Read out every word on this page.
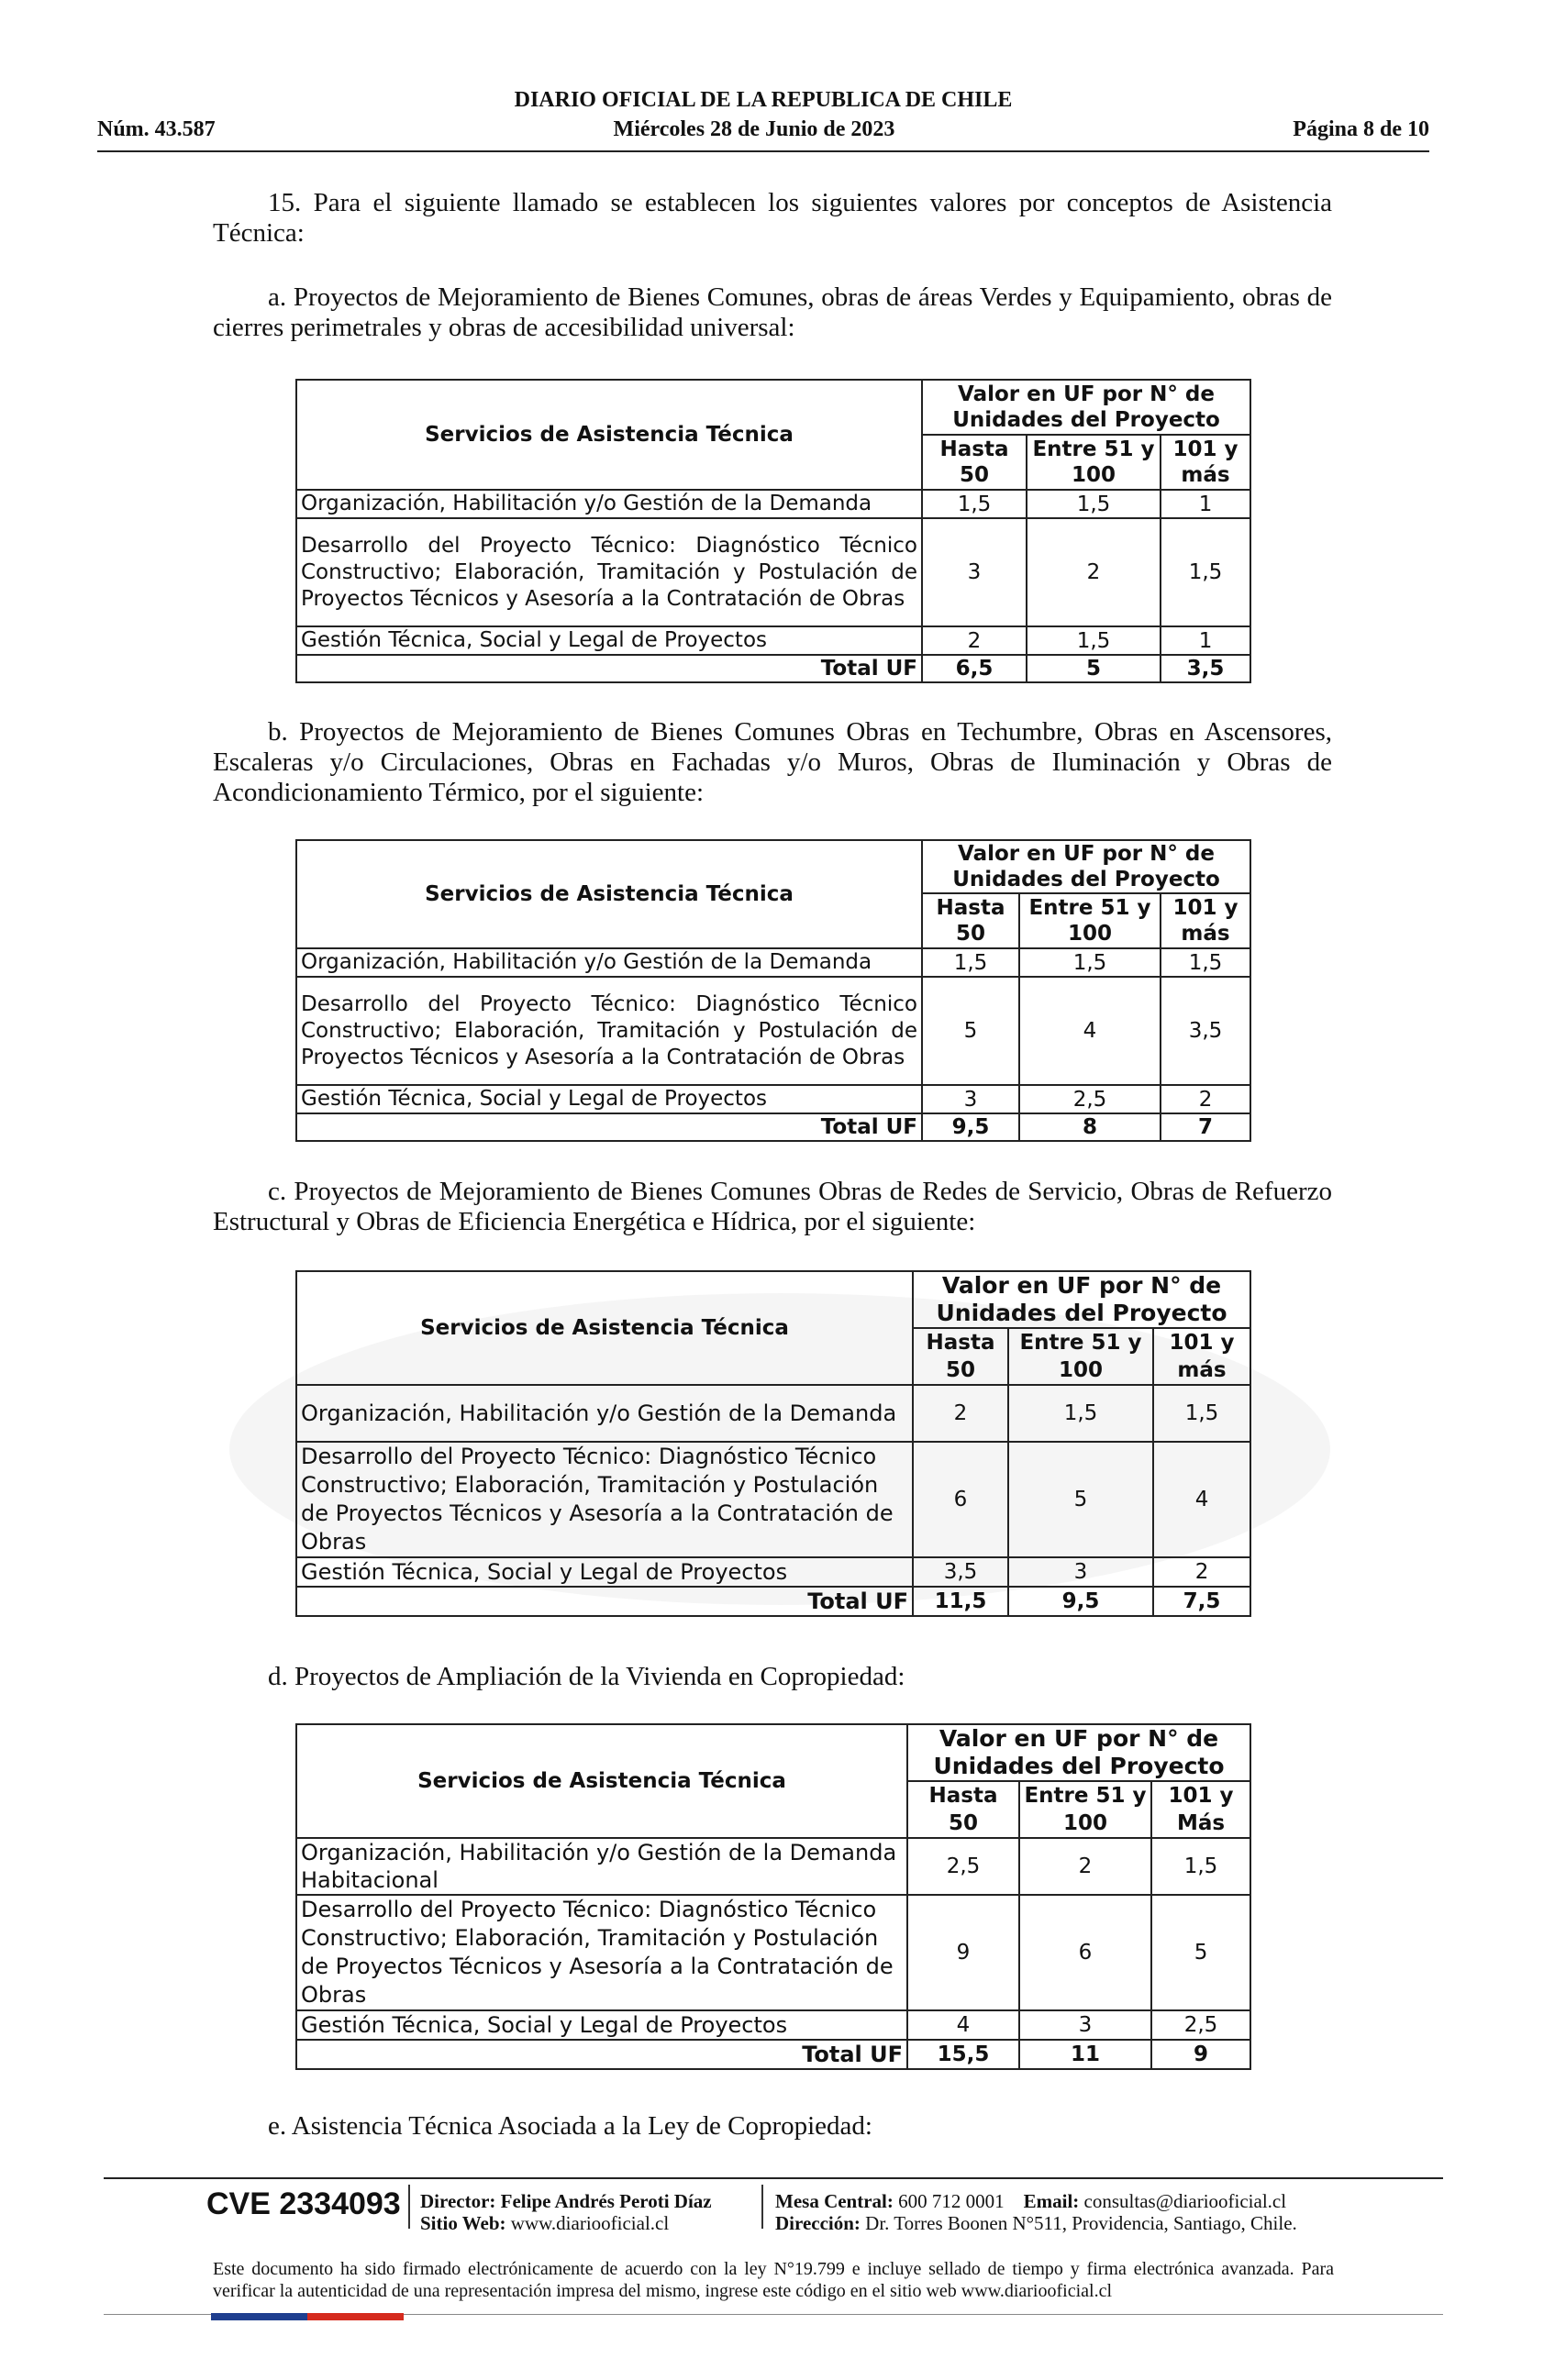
DIARIO OFICIAL DE LA REPUBLICA DE CHILE
Núm. 43.587	Miércoles 28 de Junio de 2023	Página 8 de 10

15. Para el siguiente llamado se establecen los siguientes valores por conceptos de Asistencia Técnica:

a. Proyectos de Mejoramiento de Bienes Comunes, obras de áreas Verdes y Equipamiento, obras de cierres perimetrales y obras de accesibilidad universal:

Servicios de Asistencia Técnica	Valor en UF por N° de Unidades del Proyecto		
	Hasta 50	Entre 51 y 100	101 y más
Organización, Habilitación y/o Gestión de la Demanda	1,5	1,5	1
Desarrollo del Proyecto Técnico: Diagnóstico Técnico Constructivo; Elaboración, Tramitación y Postulación de Proyectos Técnicos y Asesoría a la Contratación de Obras	3	2	1,5
Gestión Técnica, Social y Legal de Proyectos	2	1,5	1
Total UF	6,5	5	3,5

b. Proyectos de Mejoramiento de Bienes Comunes Obras en Techumbre, Obras en Ascensores, Escaleras y/o Circulaciones, Obras en Fachadas y/o Muros, Obras de Iluminación y Obras de Acondicionamiento Térmico, por el siguiente:

Servicios de Asistencia Técnica	Valor en UF por N° de Unidades del Proyecto		
	Hasta 50	Entre 51 y 100	101 y más
Organización, Habilitación y/o Gestión de la Demanda	1,5	1,5	1,5
Desarrollo del Proyecto Técnico: Diagnóstico Técnico Constructivo; Elaboración, Tramitación y Postulación de Proyectos Técnicos y Asesoría a la Contratación de Obras	5	4	3,5
Gestión Técnica, Social y Legal de Proyectos	3	2,5	2
Total UF	9,5	8	7

c. Proyectos de Mejoramiento de Bienes Comunes Obras de Redes de Servicio, Obras de Refuerzo Estructural y Obras de Eficiencia Energética e Hídrica, por el siguiente:

Servicios de Asistencia Técnica	Valor en UF por N° de Unidades del Proyecto		
	Hasta 50	Entre 51 y 100	101 y más
Organización, Habilitación y/o Gestión de la Demanda	2	1,5	1,5
Desarrollo del Proyecto Técnico: Diagnóstico Técnico Constructivo; Elaboración, Tramitación y Postulación de Proyectos Técnicos y Asesoría a la Contratación de Obras	6	5	4
Gestión Técnica, Social y Legal de Proyectos	3,5	3	2
Total UF	11,5	9,5	7,5

d. Proyectos de Ampliación de la Vivienda en Copropiedad:

Servicios de Asistencia Técnica	Valor en UF por N° de Unidades del Proyecto		
	Hasta 50	Entre 51 y 100	101 y Más
Organización, Habilitación y/o Gestión de la Demanda Habitacional	2,5	2	1,5
Desarrollo del Proyecto Técnico: Diagnóstico Técnico Constructivo; Elaboración, Tramitación y Postulación de Proyectos Técnicos y Asesoría a la Contratación de Obras	9	6	5
Gestión Técnica, Social y Legal de Proyectos	4	3	2,5
Total UF	15,5	11	9

e. Asistencia Técnica Asociada a la Ley de Copropiedad:

CVE 2334093 Director: Felipe Andrés Peroti Díaz
Sitio Web: www.diariooficial.cl
Mesa Central: 600 712 0001 Email: consultas@diariooficial.cl
Dirección: Dr. Torres Boonen N°511, Providencia, Santiago, Chile.

Este documento ha sido firmado electrónicamente de acuerdo con la ley N°19.799 e incluye sellado de tiempo y firma electrónica avanzada. Para verificar la autenticidad de una representación impresa del mismo, ingrese este código en el sitio web www.diariooficial.cl
